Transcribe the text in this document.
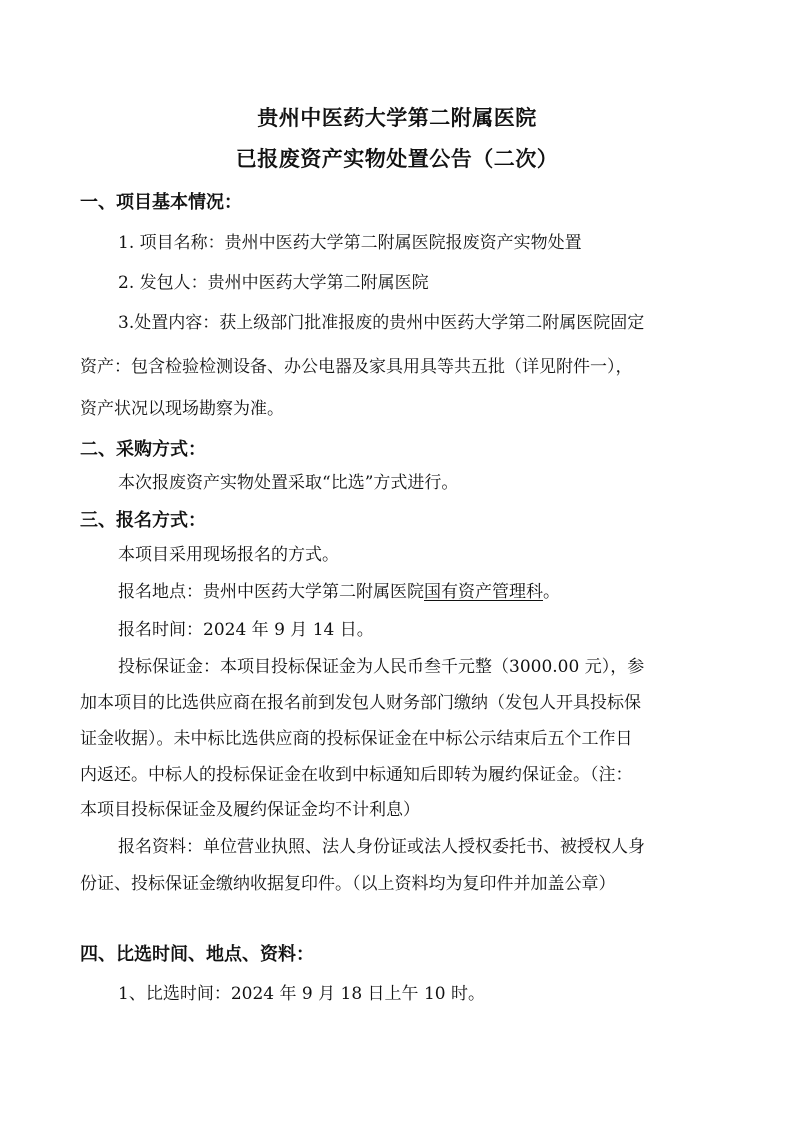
贵州中医药大学第二附属医院
已报废资产实物处置公告（二次）
一、项目基本情况：
1. 项目名称：贵州中医药大学第二附属医院报废资产实物处置
2. 发包人：贵州中医药大学第二附属医院
3.处置内容：获上级部门批准报废的贵州中医药大学第二附属医院固定
资产：包含检验检测设备、办公电器及家具用具等共五批（详见附件一），
资产状况以现场勘察为准。
二、采购方式：
本次报废资产实物处置采取“比选”方式进行。
三、报名方式：
本项目采用现场报名的方式。
报名地点：贵州中医药大学第二附属医院国有资产管理科。
报名时间：2024 年 9 月 14 日。
投标保证金：本项目投标保证金为人民币叁千元整（3000.00 元），参
加本项目的比选供应商在报名前到发包人财务部门缴纳（发包人开具投标保
证金收据）。未中标比选供应商的投标保证金在中标公示结束后五个工作日
内返还。中标人的投标保证金在收到中标通知后即转为履约保证金。（注：
本项目投标保证金及履约保证金均不计利息）
报名资料：单位营业执照、法人身份证或法人授权委托书、被授权人身
份证、投标保证金缴纳收据复印件。（以上资料均为复印件并加盖公章）
四、比选时间、地点、资料：
1、比选时间：2024 年 9 月 18 日上午 10 时。
